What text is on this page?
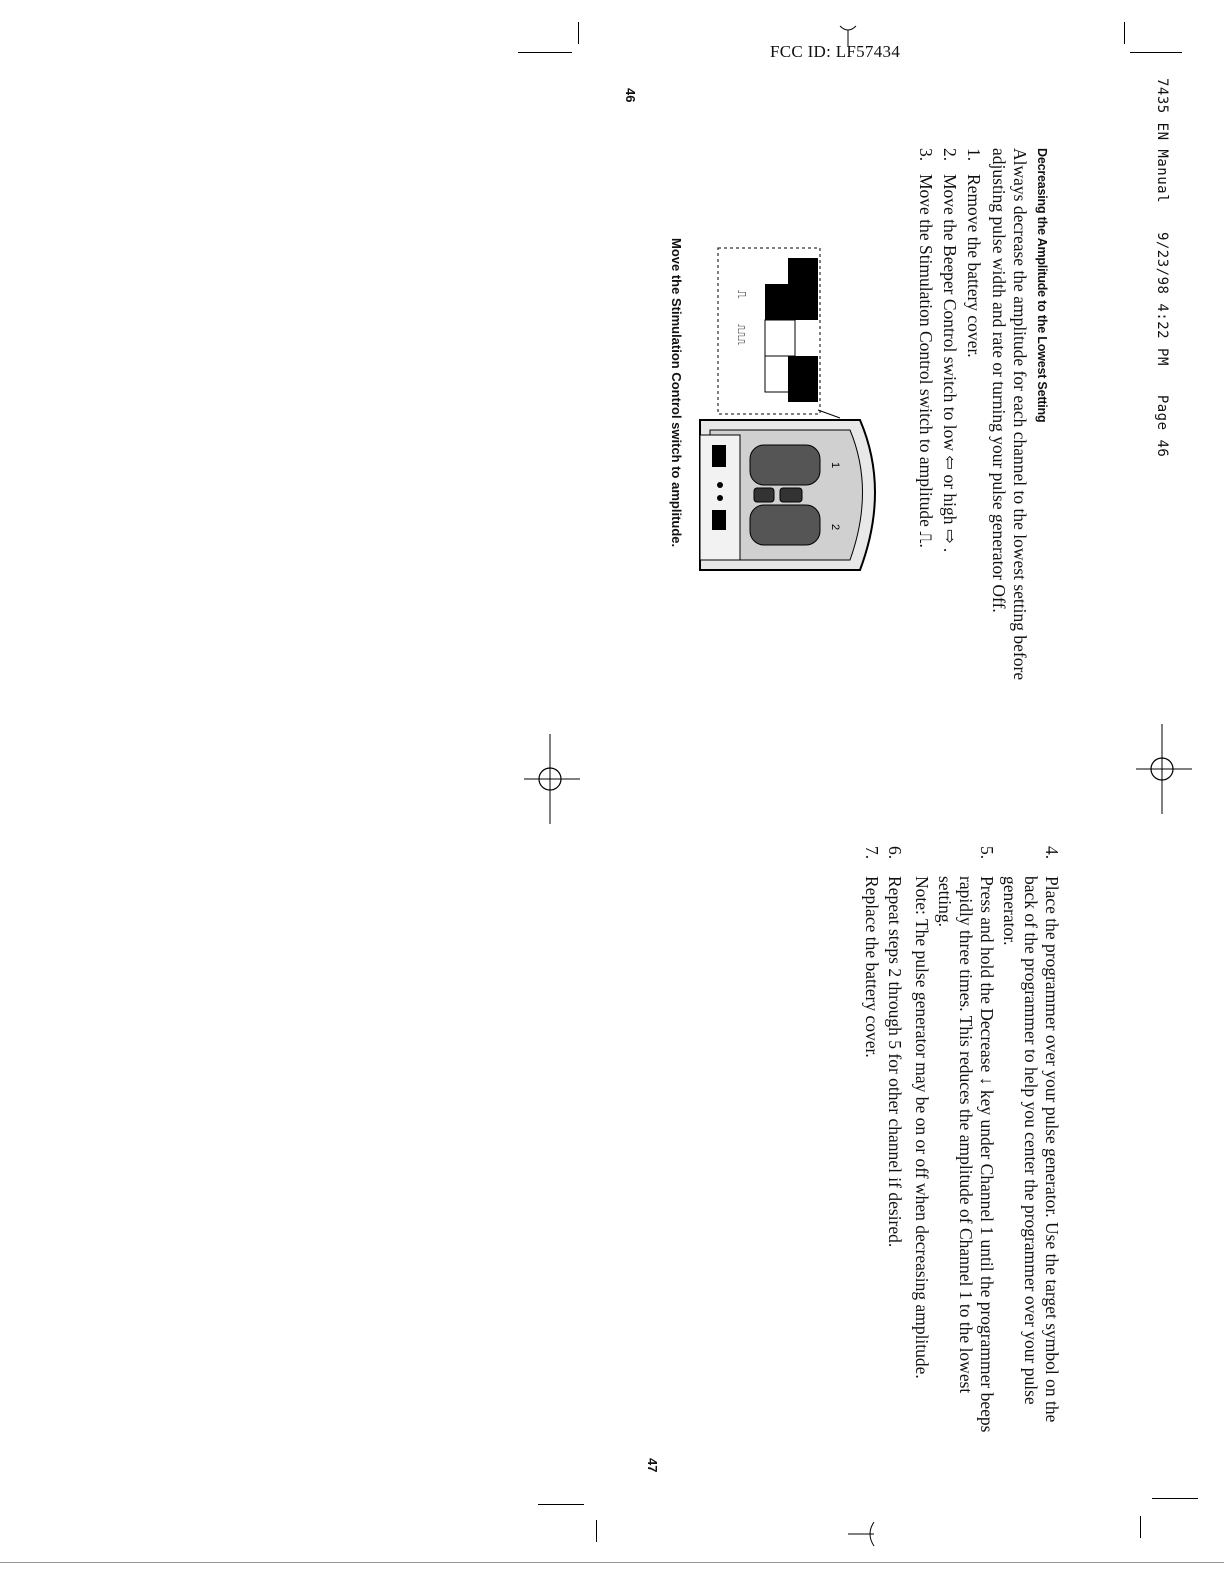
FCC ID: LF57434
7435 EN Manual 9/23/98 4:22 PM Page 46
46
47
Decreasing the Amplitude to the Lowest Setting

Always decrease the amplitude for each channel to the lowest setting before adjusting pulse width and rate or turning your pulse generator Off.

1.
Remove the battery cover.
2.
Move the Beeper Control switch to low ⇦ or high ⇨ .
3.
Move the Stimulation Control switch to amplitude ⎍.
⎍
⎍⎍⎍
1
2
Move the Stimulation Control switch to amplitude.
4.
Place the programmer over your pulse generator. Use the target symbol on the back of the programmer to help you center the programmer over your pulse generator.
5.
Press and hold the Decrease ↓ key under Channel 1 until the programmer beeps rapidly three times. This reduces the amplitude of Channel 1 to the lowest setting.
Note: The pulse generator may be on or off when decreasing amplitude.
6.
Repeat steps 2 through 5 for other channel if desired.
7.
Replace the battery cover.
